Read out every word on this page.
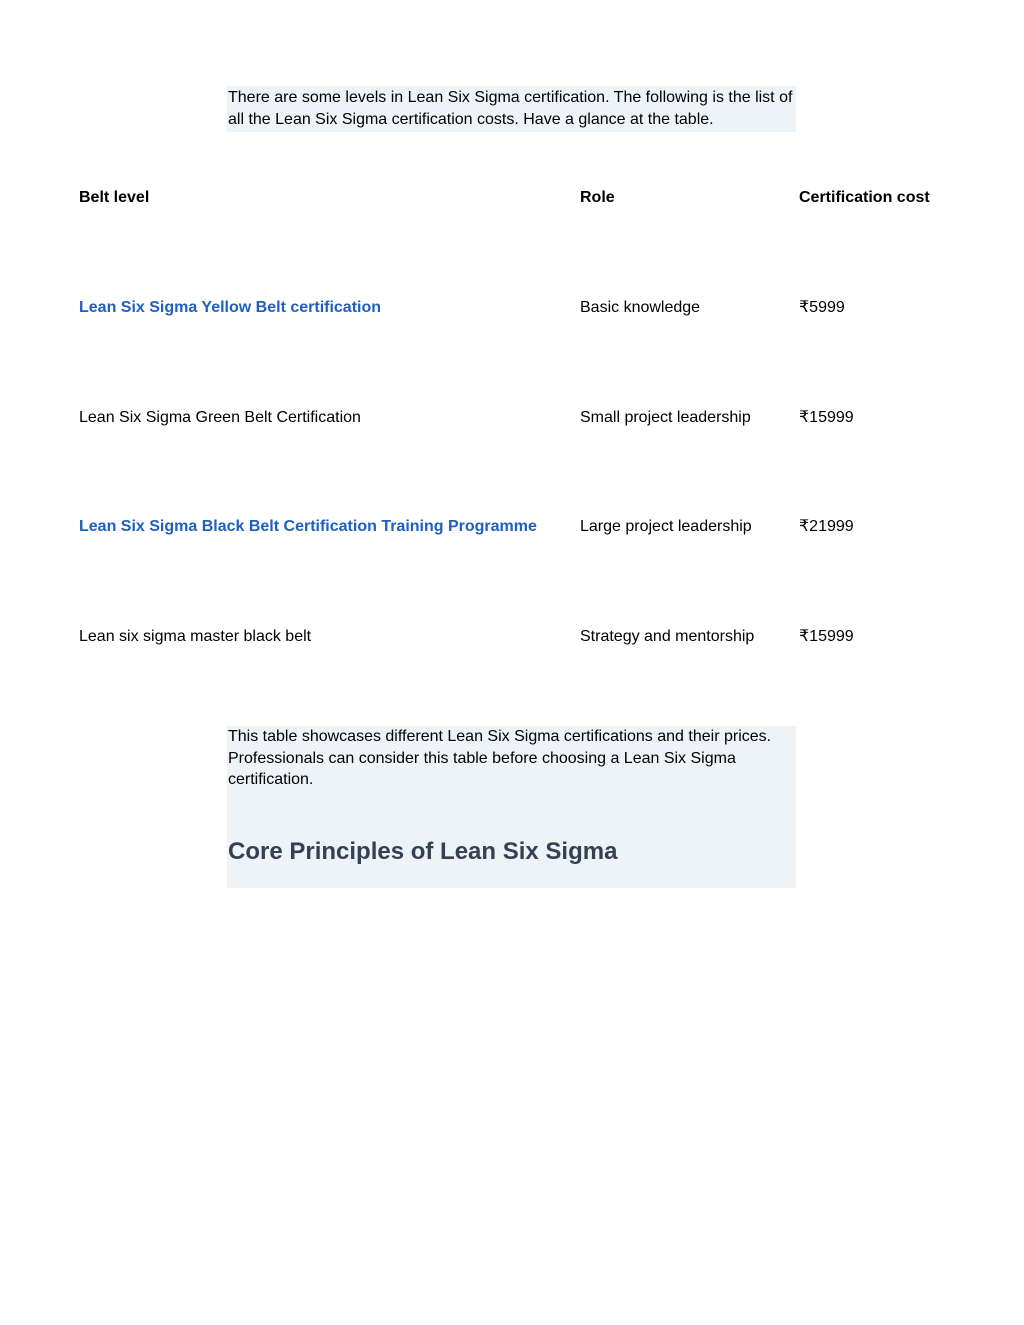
There are some levels in Lean Six Sigma certification. The following is the list of all the Lean Six Sigma certification costs. Have a glance at the table.
Belt level	Role	Certification cost
Lean Six Sigma Yellow Belt certification	Basic knowledge	₹5999
Lean Six Sigma Green Belt Certification	Small project leadership	₹15999
Lean Six Sigma Black Belt Certification Training Programme	Large project leadership	₹21999
Lean six sigma master black belt	Strategy and mentorship	₹15999

This table showcases different Lean Six Sigma certifications and their prices. Professionals can consider this table before choosing a Lean Six Sigma certification.

Core Principles of Lean Six Sigma
